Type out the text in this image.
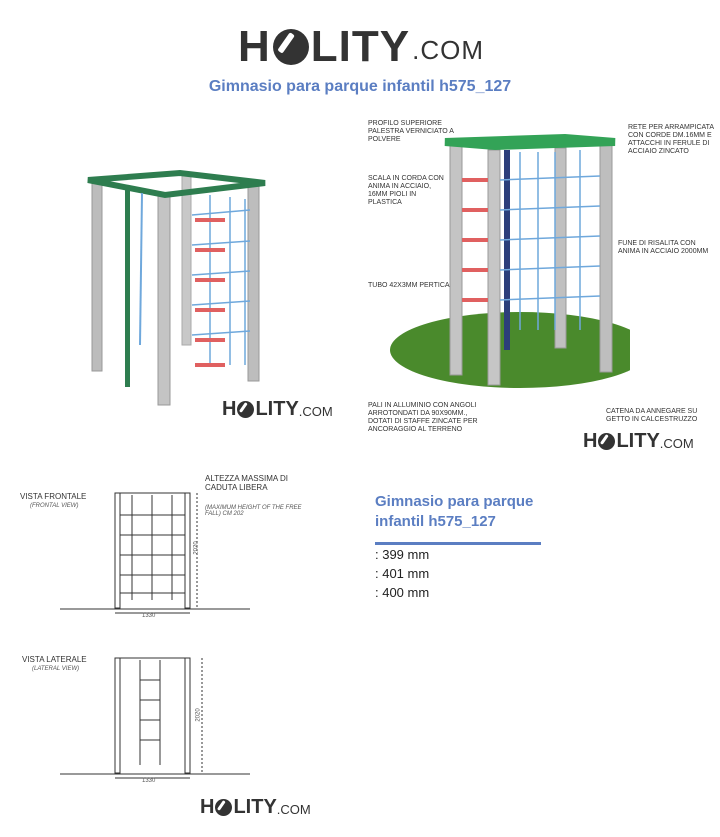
H LITY .COM
Gimnasio para parque infantil h575_127
H LITY .COM
PROFILO SUPERIORE PALESTRA VERNICIATO A POLVERE
RETE PER ARRAMPICATA CON CORDE DM.16MM E ATTACCHI IN FERULE DI ACCIAIO ZINCATO
SCALA IN CORDA CON ANIMA IN ACCIAIO, 16MM PIOLI IN PLASTICA
FUNE DI RISALITA CON ANIMA IN ACCIAIO 2000MM
TUBO 42X3MM PERTICA
PALI IN ALLUMINIO CON ANGOLI ARROTONDATI DA 90X90MM., DOTATI DI STAFFE ZINCATE PER ANCORAGGIO AL TERRENO
CATENA DA ANNEGARE SU GETTO IN CALCESTRUZZO
H LITY .COM
VISTA FRONTALE
(FRONTAL VIEW)
ALTEZZA MASSIMA DI CADUTA LIBERA
(MAXIMUM HEIGHT OF THE FREE FALL) CM 202
1330
2020
VISTA LATERALE
(LATERAL VIEW)
1330
2020
H LITY .COM
Gimnasio para parque infantil h575_127
: 399 mm
: 401 mm
: 400 mm
